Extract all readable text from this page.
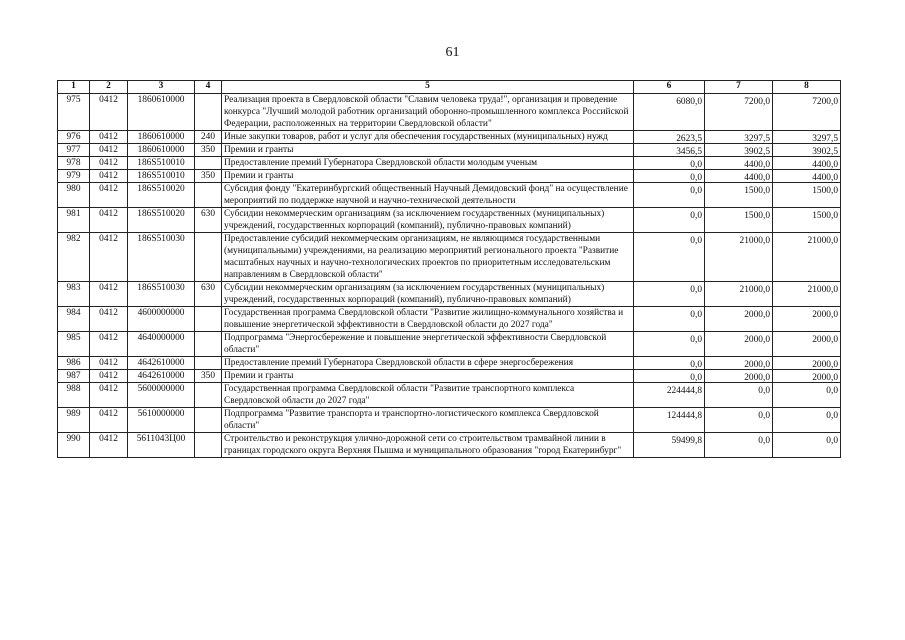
61
1	2	3	4	5	6	7	8
975	0412	1860610000		Реализация проекта в Свердловской области "Славим человека труда!", организация и проведение конкурса "Лучший молодой работник организаций оборонно-промышленного комплекса Российской Федерации, расположенных на территории Свердловской области"	6080,0	7200,0	7200,0
976	0412	1860610000	240	Иные закупки товаров, работ и услуг для обеспечения государственных (муниципальных) нужд	2623,5	3297,5	3297,5
977	0412	1860610000	350	Премии и гранты	3456,5	3902,5	3902,5
978	0412	186S510010		Предоставление премий Губернатора Свердловской области молодым ученым	0,0	4400,0	4400,0
979	0412	186S510010	350	Премии и гранты	0,0	4400,0	4400,0
980	0412	186S510020		Субсидия фонду "Екатеринбургский общественный Научный Демидовский фонд" на осуществление мероприятий по поддержке научной и научно-технической деятельности	0,0	1500,0	1500,0
981	0412	186S510020	630	Субсидии некоммерческим организациям (за исключением государственных (муниципальных) учреждений, государственных корпораций (компаний), публично-правовых компаний)	0,0	1500,0	1500,0
982	0412	186S510030		Предоставление субсидий некоммерческим организациям, не являющимся государственными (муниципальными) учреждениями, на реализацию мероприятий регионального проекта "Развитие масштабных научных и научно-технологических проектов по приоритетным исследовательским направлениям в Свердловской области"	0,0	21000,0	21000,0
983	0412	186S510030	630	Субсидии некоммерческим организациям (за исключением государственных (муниципальных) учреждений, государственных корпораций (компаний), публично-правовых компаний)	0,0	21000,0	21000,0
984	0412	4600000000		Государственная программа Свердловской области "Развитие жилищно-коммунального хозяйства и повышение энергетической эффективности в Свердловской области до 2027 года"	0,0	2000,0	2000,0
985	0412	4640000000		Подпрограмма "Энергосбережение и повышение энергетической эффективности Свердловской области"	0,0	2000,0	2000,0
986	0412	4642610000		Предоставление премий Губернатора Свердловской области в сфере энергосбережения	0,0	2000,0	2000,0
987	0412	4642610000	350	Премии и гранты	0,0	2000,0	2000,0
988	0412	5600000000		Государственная программа Свердловской области "Развитие транспортного комплекса Свердловской области до 2027 года"	224444,8	0,0	0,0
989	0412	5610000000		Подпрограмма "Развитие транспорта и транспортно-логистического комплекса Свердловской области"	124444,8	0,0	0,0
990	0412	5611043Ц00		Строительство и реконструкция улично-дорожной сети со строительством трамвайной линии в границах городского округа Верхняя Пышма и муниципального образования "город Екатеринбург"	59499,8	0,0	0,0
